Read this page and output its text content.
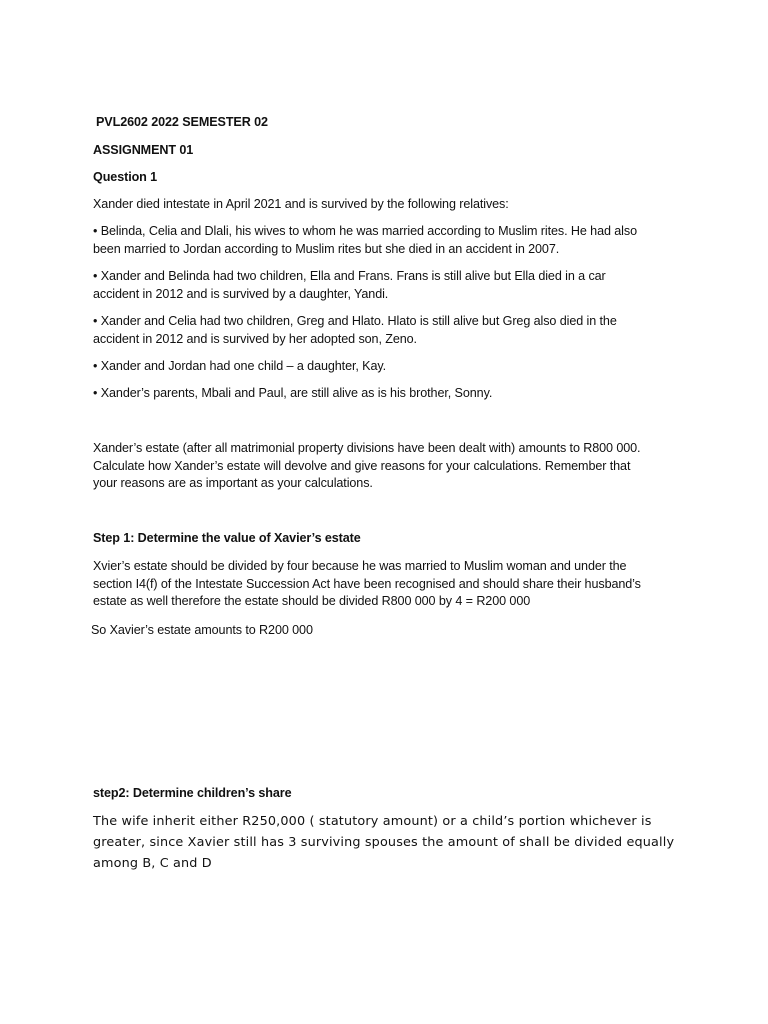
PVL2602 2022 SEMESTER 02

ASSIGNMENT 01

Question 1

Xander died intestate in April 2021 and is survived by the following relatives:

• Belinda, Celia and Dlali, his wives to whom he was married according to Muslim rites. He had also
been married to Jordan according to Muslim rites but she died in an accident in 2007.

• Xander and Belinda had two children, Ella and Frans. Frans is still alive but Ella died in a car
accident in 2012 and is survived by a daughter, Yandi.

• Xander and Celia had two children, Greg and Hlato. Hlato is still alive but Greg also died in the
accident in 2012 and is survived by her adopted son, Zeno.

• Xander and Jordan had one child – a daughter, Kay.

• Xander’s parents, Mbali and Paul, are still alive as is his brother, Sonny.

Xander’s estate (after all matrimonial property divisions have been dealt with) amounts to R800 000.
Calculate how Xander’s estate will devolve and give reasons for your calculations. Remember that
your reasons are as important as your calculations.

Step 1: Determine the value of Xavier’s estate

Xvier’s estate should be divided by four because he was married to Muslim woman and under the
section I4(f) of the Intestate Succession Act have been recognised and should share their husband’s
estate as well therefore the estate should be divided R800 000 by 4 = R200 000

So Xavier’s estate amounts to R200 000

step2: Determine children’s share

The wife inherit either R250,000 ( statutory amount) or a child’s portion whichever is
greater, since Xavier still has 3 surviving spouses the amount of shall be divided equally
among B, C and D
